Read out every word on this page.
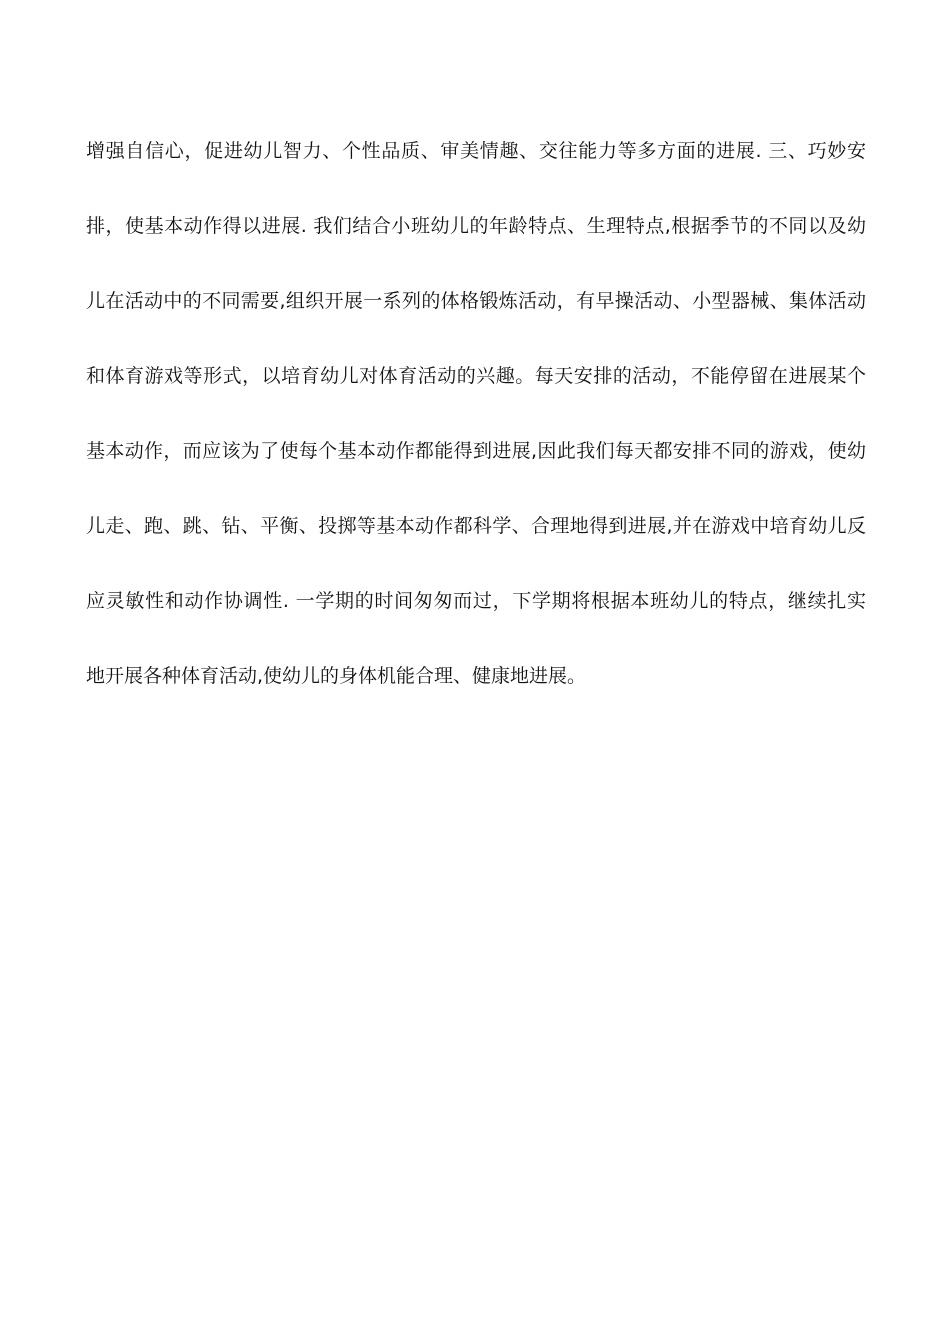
增强自信心，促进幼儿智力、个性品质、审美情趣、交往能力等多方面的进展. 三、巧妙安
排，使基本动作得以进展. 我们结合小班幼儿的年龄特点、生理特点,根据季节的不同以及幼
儿在活动中的不同需要,组织开展一系列的体格锻炼活动，有早操活动、小型器械、集体活动
和体育游戏等形式，以培育幼儿对体育活动的兴趣。每天安排的活动，不能停留在进展某个
基本动作，而应该为了使每个基本动作都能得到进展,因此我们每天都安排不同的游戏，使幼
儿走、跑、跳、钻、平衡、投掷等基本动作都科学、合理地得到进展,并在游戏中培育幼儿反
应灵敏性和动作协调性. 一学期的时间匆匆而过，下学期将根据本班幼儿的特点，继续扎实
地开展各种体育活动,使幼儿的身体机能合理、健康地进展。
